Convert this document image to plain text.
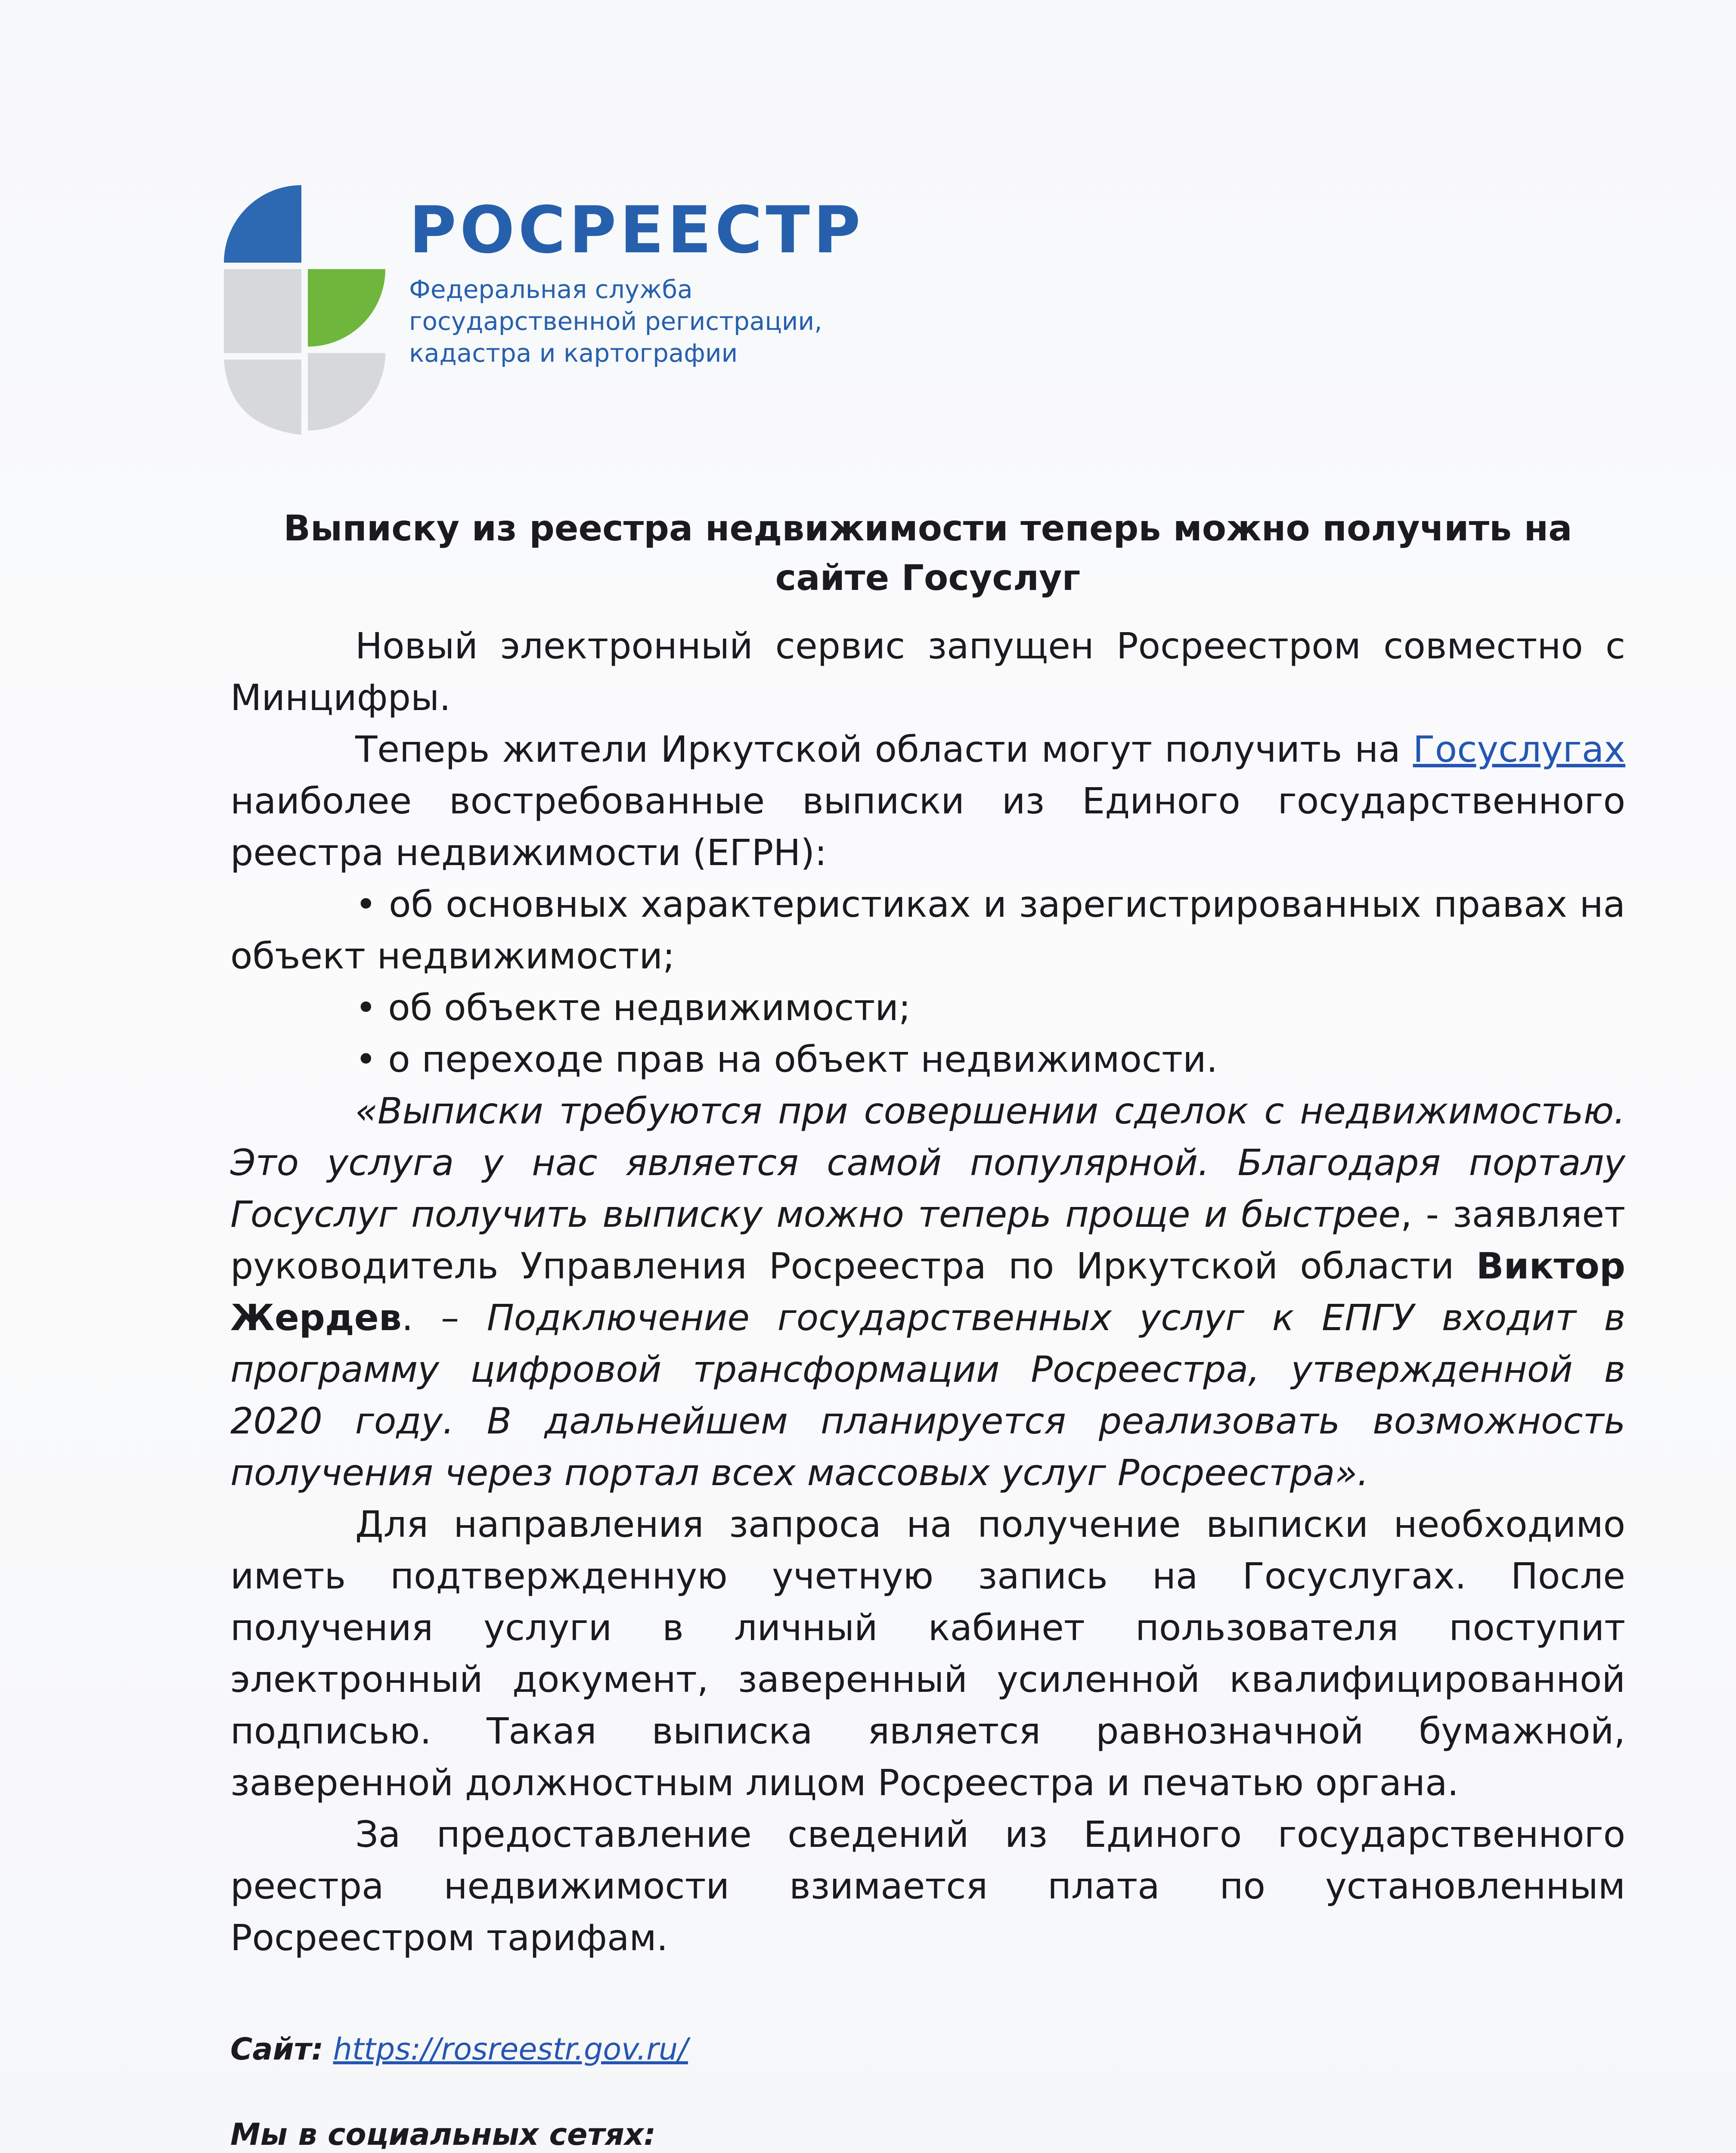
РОСРЕЕСТР
Федеральная служба
государственной регистрации,
кадастра и картографии
Выписку из реестра недвижимости теперь можно получить на сайте Госуслуг

Новый электронный сервис запущен Росреестром совместно с Минцифры.

Теперь жители Иркутской области могут получить на Госуслугах наиболее востребованные выписки из Единого государственного реестра недвижимости (ЕГРН):

• об основных характеристиках и зарегистрированных правах на объект недвижимости;

• об объекте недвижимости;

• о переходе прав на объект недвижимости.

«Выписки требуются при совершении сделок с недвижимостью. Это услуга у нас является самой популярной. Благодаря порталу Госуслуг получить выписку можно теперь проще и быстрее, - заявляет руководитель Управления Росреестра по Иркутской области Виктор Жердев. – Подключение государственных услуг к ЕПГУ входит в программу цифровой трансформации Росреестра, утвержденной в 2020 году. В дальнейшем планируется реализовать возможность получения через портал всех массовых услуг Росреестра».

Для направления запроса на получение выписки необходимо иметь подтвержденную учетную запись на Госуслугах. После получения услуги в личный кабинет пользователя поступит электронный документ, заверенный усиленной квалифицированной подписью. Такая выписка является равнозначной бумажной, заверенной должностным лицом Росреестра и печатью органа.

За предоставление сведений из Единого государственного реестра недвижимости взимается плата по установленным Росреестром тарифам.

Сайт: https://rosreestr.gov.ru/
Мы в социальных сетях:
